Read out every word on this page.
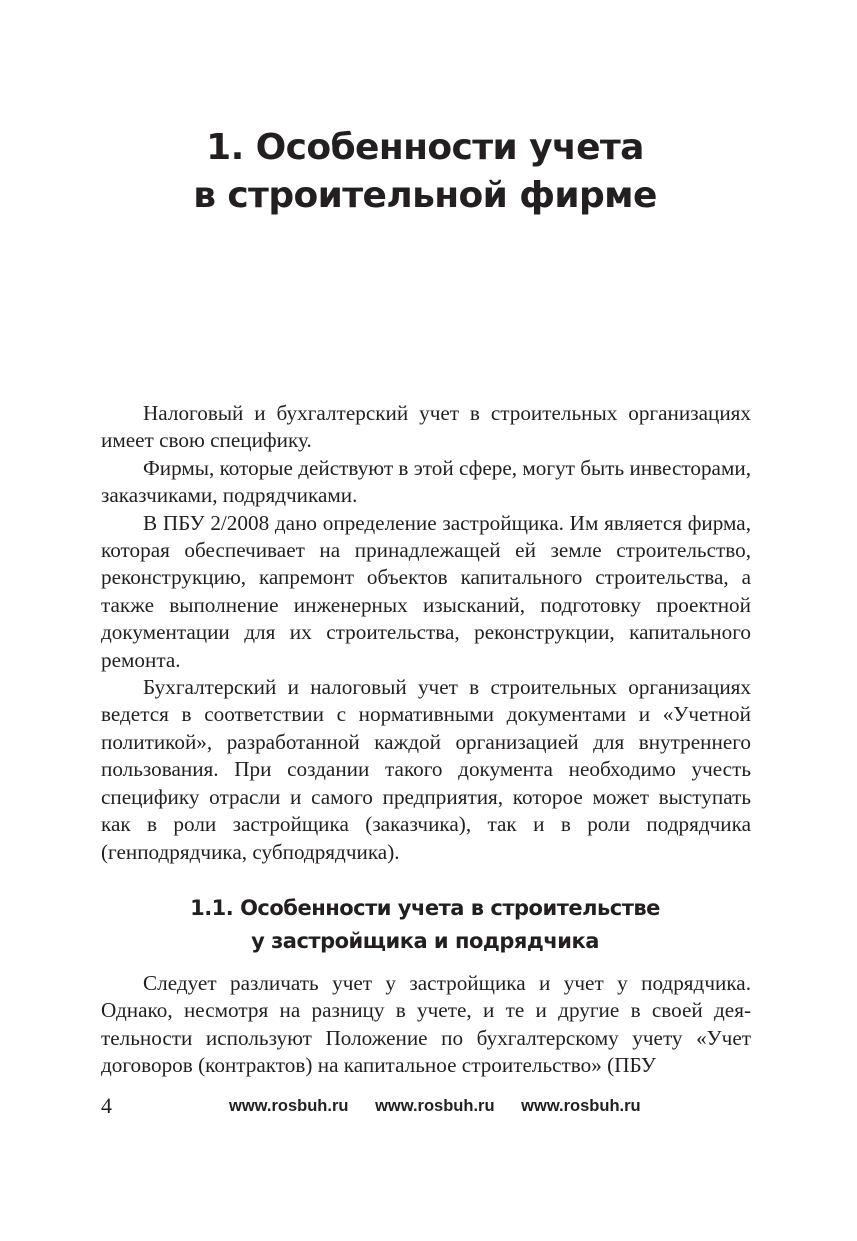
1. Особенности учета
в строительной фирме

Налоговый и бухгалтерский учет в строительных организациях имеет свою специфику.

Фирмы, которые действуют в этой сфере, могут быть инвесторами, заказчиками, подрядчиками.

В ПБУ 2/2008 дано определение застройщика. Им является фирма, которая обеспечивает на принадлежащей ей земле строительство, реконструкцию, капремонт объектов капитального строительства, а также выполнение инженерных изысканий, подготовку проектной документации для их строительства, реконструкции, капитального ремонта.

Бухгалтерский и налоговый учет в строительных организациях ведется в соответствии с нормативными документами и «Учетной политикой», разработанной каждой организацией для внутреннего пользования. При создании такого документа необходимо учесть специфику отрасли и самого предприятия, которое может выступать как в роли застройщика (заказчика), так и в роли подрядчика (генподрядчика, субподрядчика).

1.1. Особенности учета в строительстве
у застройщика и подрядчика

Следует различать учет у застройщика и учет у подрядчика. Однако, несмотря на разницу в учете, и те и другие в своей деятельности используют Положение по бухгалтерскому учету «Учет договоров (контрактов) на капитальное строительство» (ПБУ

4	www.rosbuh.ru www.rosbuh.ru www.rosbuh.ru
